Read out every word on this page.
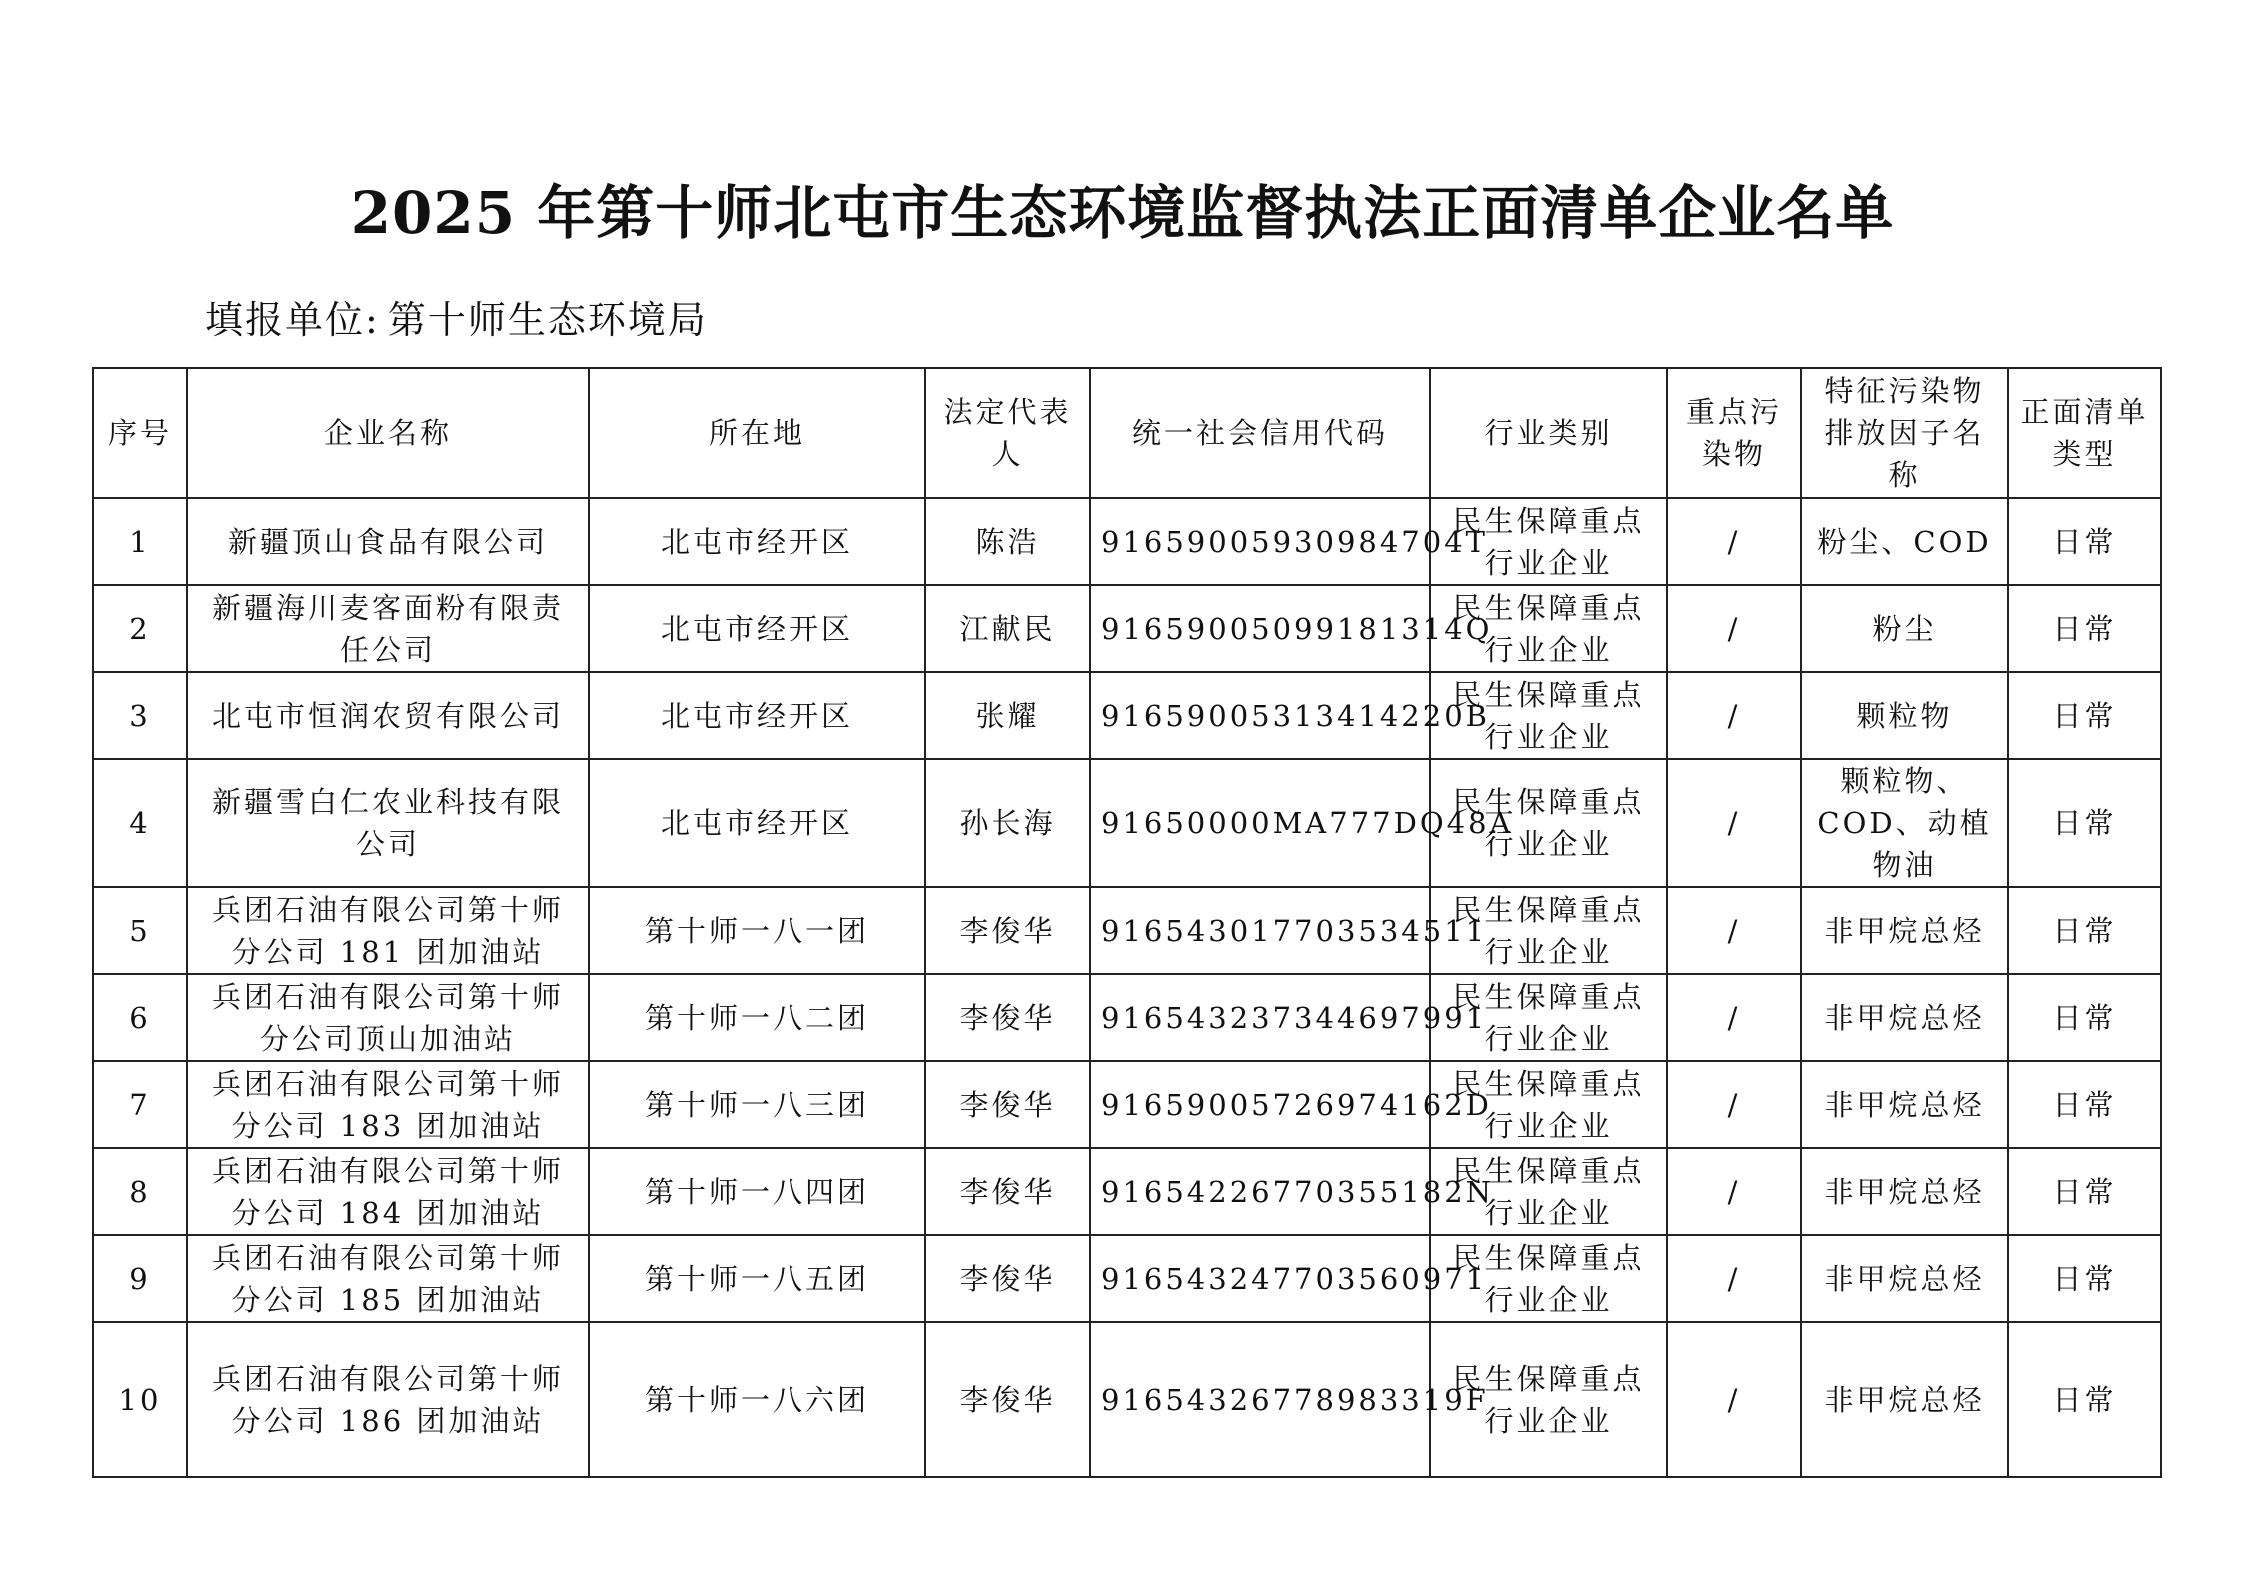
2025 年第十师北屯市生态环境监督执法正面清单企业名单
填报单位: 第十师生态环境局
序号	企业名称	所在地	法定代表人	统一社会信用代码	行业类别	重点污染物	特征污染物排放因子名称	正面清单类型
1	新疆顶山食品有限公司	北屯市经开区	陈浩	91659005930984704T	民生保障重点行业企业	/	粉尘、COD	日常
2	新疆海川麦客面粉有限责任公司	北屯市经开区	江献民	91659005099181314Q	民生保障重点行业企业	/	粉尘	日常
3	北屯市恒润农贸有限公司	北屯市经开区	张耀	91659005313414220B	民生保障重点行业企业	/	颗粒物	日常
4	新疆雪白仁农业科技有限公司	北屯市经开区	孙长海	91650000MA777DQ48A	民生保障重点行业企业	/	颗粒物、COD、动植物油	日常
5	兵团石油有限公司第十师分公司 181 团加油站	第十师一八一团	李俊华	916543017703534511	民生保障重点行业企业	/	非甲烷总烃	日常
6	兵团石油有限公司第十师分公司顶山加油站	第十师一八二团	李俊华	916543237344697991	民生保障重点行业企业	/	非甲烷总烃	日常
7	兵团石油有限公司第十师分公司 183 团加油站	第十师一八三团	李俊华	91659005726974162D	民生保障重点行业企业	/	非甲烷总烃	日常
8	兵团石油有限公司第十师分公司 184 团加油站	第十师一八四团	李俊华	91654226770355182N	民生保障重点行业企业	/	非甲烷总烃	日常
9	兵团石油有限公司第十师分公司 185 团加油站	第十师一八五团	李俊华	916543247703560971	民生保障重点行业企业	/	非甲烷总烃	日常
10	兵团石油有限公司第十师分公司 186 团加油站	第十师一八六团	李俊华	91654326778983319F	民生保障重点行业企业	/	非甲烷总烃	日常
